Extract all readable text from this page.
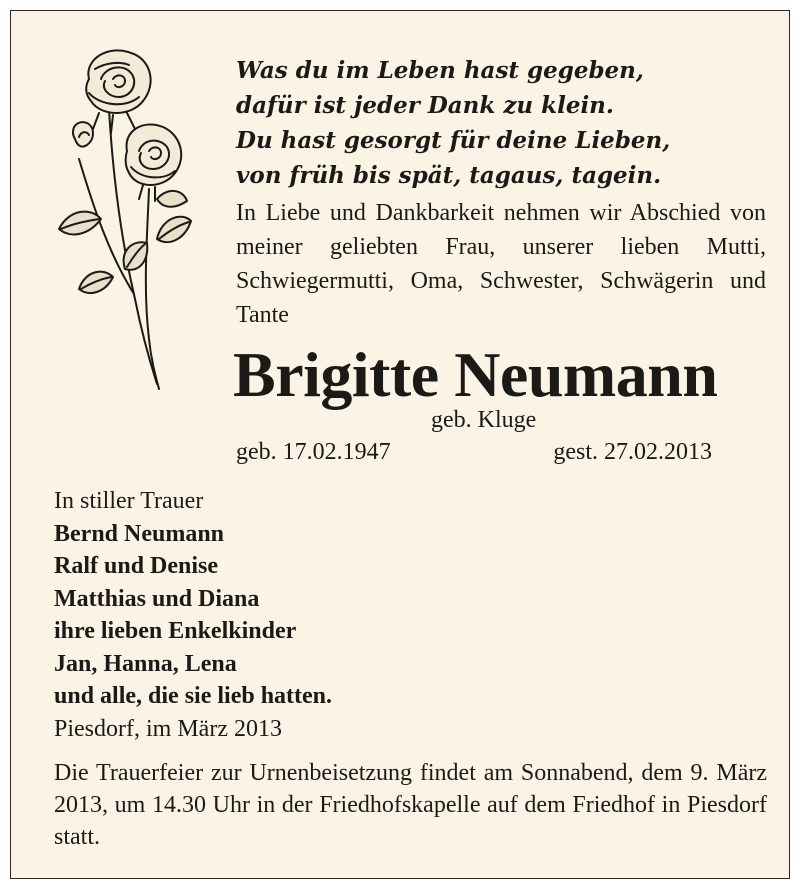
Was du im Leben hast gegeben,
dafür ist jeder Dank zu klein.
Du hast gesorgt für deine Lieben,
von früh bis spät, tagaus, tagein.
In Liebe und Dankbarkeit nehmen wir Abschied von meiner geliebten Frau, unserer lieben Mutti, Schwiegermutti, Oma, Schwester, Schwägerin und Tante
Brigitte Neumann
geb. Kluge
geb. 17.02.1947	gest. 27.02.2013
In stiller Trauer
Bernd Neumann
Ralf und Denise
Matthias und Diana
ihre lieben Enkelkinder
Jan, Hanna, Lena
und alle, die sie lieb hatten.
Piesdorf, im März 2013
Die Trauerfeier zur Urnenbeisetzung findet am Sonnabend, dem 9. März 2013, um 14.30 Uhr in der Friedhofskapelle auf dem Friedhof in Piesdorf statt.
